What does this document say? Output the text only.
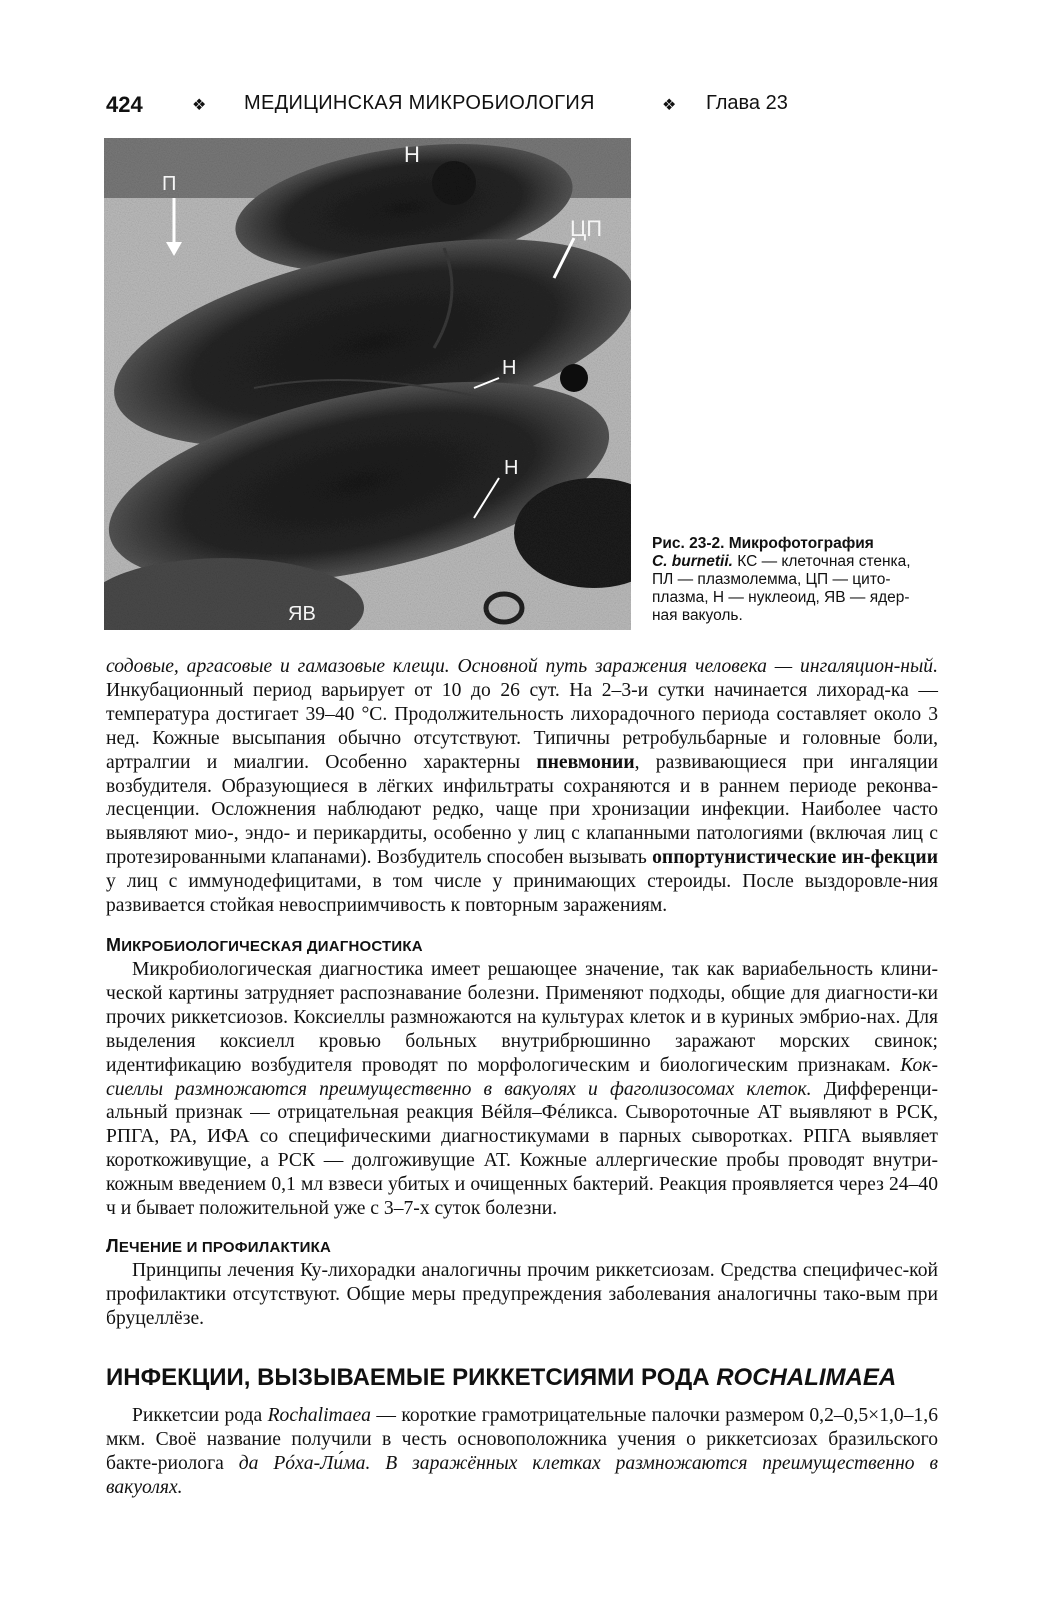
424	❖ МЕДИЦИНСКАЯ МИКРОБИОЛОГИЯ	❖ Глава 23
Н
ЦП
Н
Н
ЯВ
П
Рис. 23-2. Микрофотография
C. burnetii. КС — клеточная стенка,
ПЛ — плазмолемма, ЦП — цито-
плазма, Н — нуклеоид, ЯВ — ядер-
ная вакуоль.

содовые, аргасовые и гамазовые клещи. Основной путь заражения человека — ингаляцион-ный. Инкубационный период варьирует от 10 до 26 сут. На 2–3-и сутки начинается лихорад-ка — температура достигает 39–40 °С. Продолжительность лихорадочного периода составляет около 3 нед. Кожные высыпания обычно отсутствуют. Типичны ретробульбарные и головные боли, артралгии и миалгии. Особенно характерны пневмонии, развивающиеся при ингаляции возбудителя. Образующиеся в лёгких инфильтраты сохраняются и в раннем периоде реконва-лесценции. Осложнения наблюдают редко, чаще при хронизации инфекции. Наиболее часто выявляют мио-, эндо- и перикардиты, особенно у лиц с клапанными патологиями (включая лиц с протезированными клапанами). Возбудитель способен вызывать оппортунистические ин-фекции у лиц с иммунодефицитами, в том числе у принимающих стероиды. После выздоровле-ния развивается стойкая невосприимчивость к повторным заражениям.

МИКРОБИОЛОГИЧЕСКАЯ ДИАГНОСТИКА

Микробиологическая диагностика имеет решающее значение, так как вариабельность клини-ческой картины затрудняет распознавание болезни. Применяют подходы, общие для диагности-ки прочих риккетсиозов. Коксиеллы размножаются на культурах клеток и в куриных эмбрио-нах. Для выделения коксиелл кровью больных внутрибрюшинно заражают морских свинок; идентификацию возбудителя проводят по морфологическим и биологическим признакам. Кок-сиеллы размножаются преимущественно в вакуолях и фаголизосомах клеток. Дифференци-альный признак — отрицательная реакция Вéйля–Фéликса. Сывороточные АТ выявляют в РСК, РПГА, РА, ИФА со специфическими диагностикумами в парных сыворотках. РПГА выявляет короткоживущие, а РСК — долгоживущие АТ. Кожные аллергические пробы проводят внутри-кожным введением 0,1 мл взвеси убитых и очищенных бактерий. Реакция проявляется через 24–40 ч и бывает положительной уже с 3–7-х суток болезни.

ЛЕЧЕНИЕ И ПРОФИЛАКТИКА

Принципы лечения Ку-лихорадки аналогичны прочим риккетсиозам. Средства специфичес-кой профилактики отсутствуют. Общие меры предупреждения заболевания аналогичны тако-вым при бруцеллёзе.

ИНФЕКЦИИ, ВЫЗЫВАЕМЫЕ РИККЕТСИЯМИ РОДА ROCHALIMAEA

Риккетсии рода Rochalimaea — короткие грамотрицательные палочки размером 0,2–0,5×1,0–1,6 мкм. Своё название получили в честь основоположника учения о риккетсиозах бразильского бакте-риолога да Póxa-Ли́ма. В заражённых клетках размножаются преимущественно в вакуолях.
